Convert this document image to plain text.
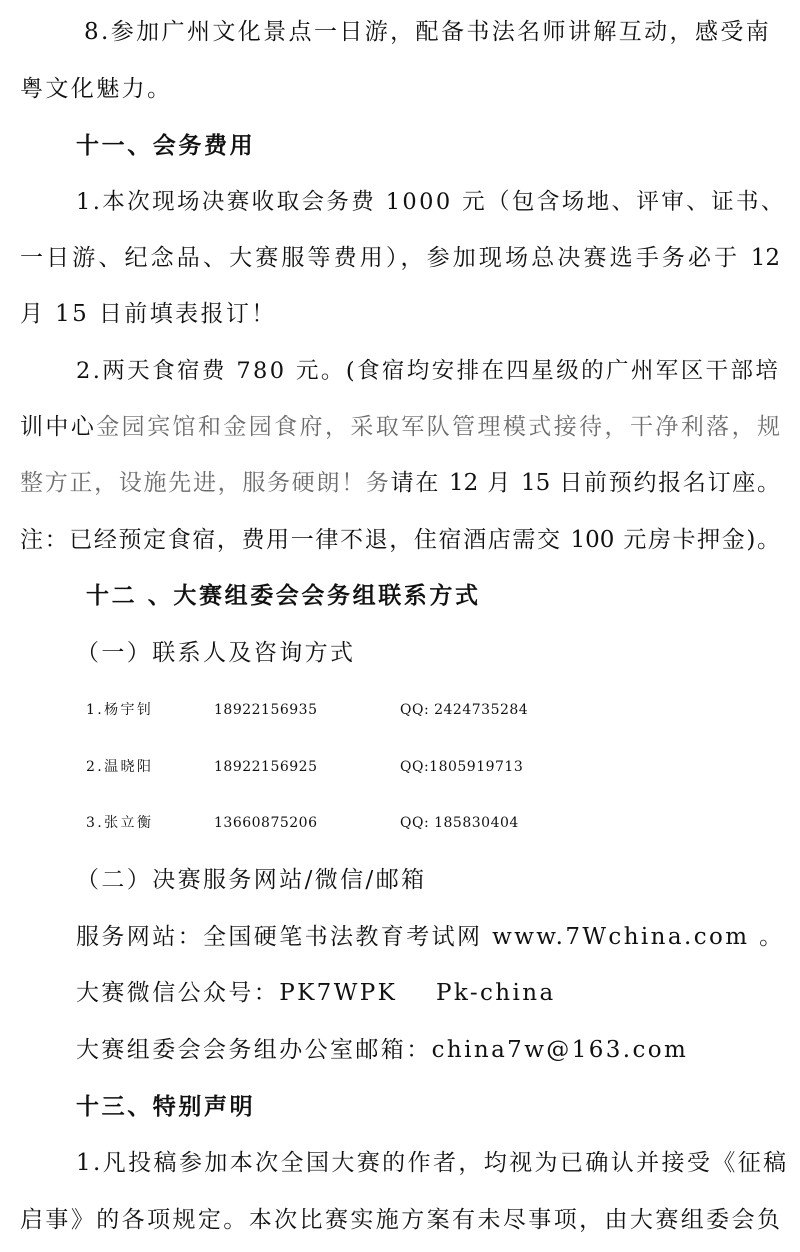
8.参加广州文化景点一日游，配备书法名师讲解互动，感受南
粤文化魅力。
十一、会务费用
1.本次现场决赛收取会务费 1000 元（包含场地、评审、证书、
一日游、纪念品、大赛服等费用），参加现场总决赛选手务必于 12
月 15 日前填表报订！
2.两天食宿费 780 元。(食宿均安排在四星级的广州军区干部培
训中心金园宾馆和金园食府，采取军队管理模式接待，干净利落，规
整方正，设施先进，服务硬朗！务请在 12 月 15 日前预约报名订座。
注：已经预定食宿，费用一律不退，住宿酒店需交 100 元房卡押金)。
十二 、大赛组委会会务组联系方式
（一）联系人及咨询方式
1.杨宇钊	18922156935	QQ: 2424735284
2.温晓阳	18922156925	QQ:1805919713
3.张立衡	13660875206	QQ: 185830404
（二）决赛服务网站/微信/邮箱
服务网站：全国硬笔书法教育考试网 www.7Wchina.com 。
大赛微信公众号：PK7WPK    Pk-china
大赛组委会会务组办公室邮箱：china7w@163.com
十三、特别声明
1.凡投稿参加本次全国大赛的作者，均视为已确认并接受《征稿
启事》的各项规定。本次比赛实施方案有未尽事项，由大赛组委会负
